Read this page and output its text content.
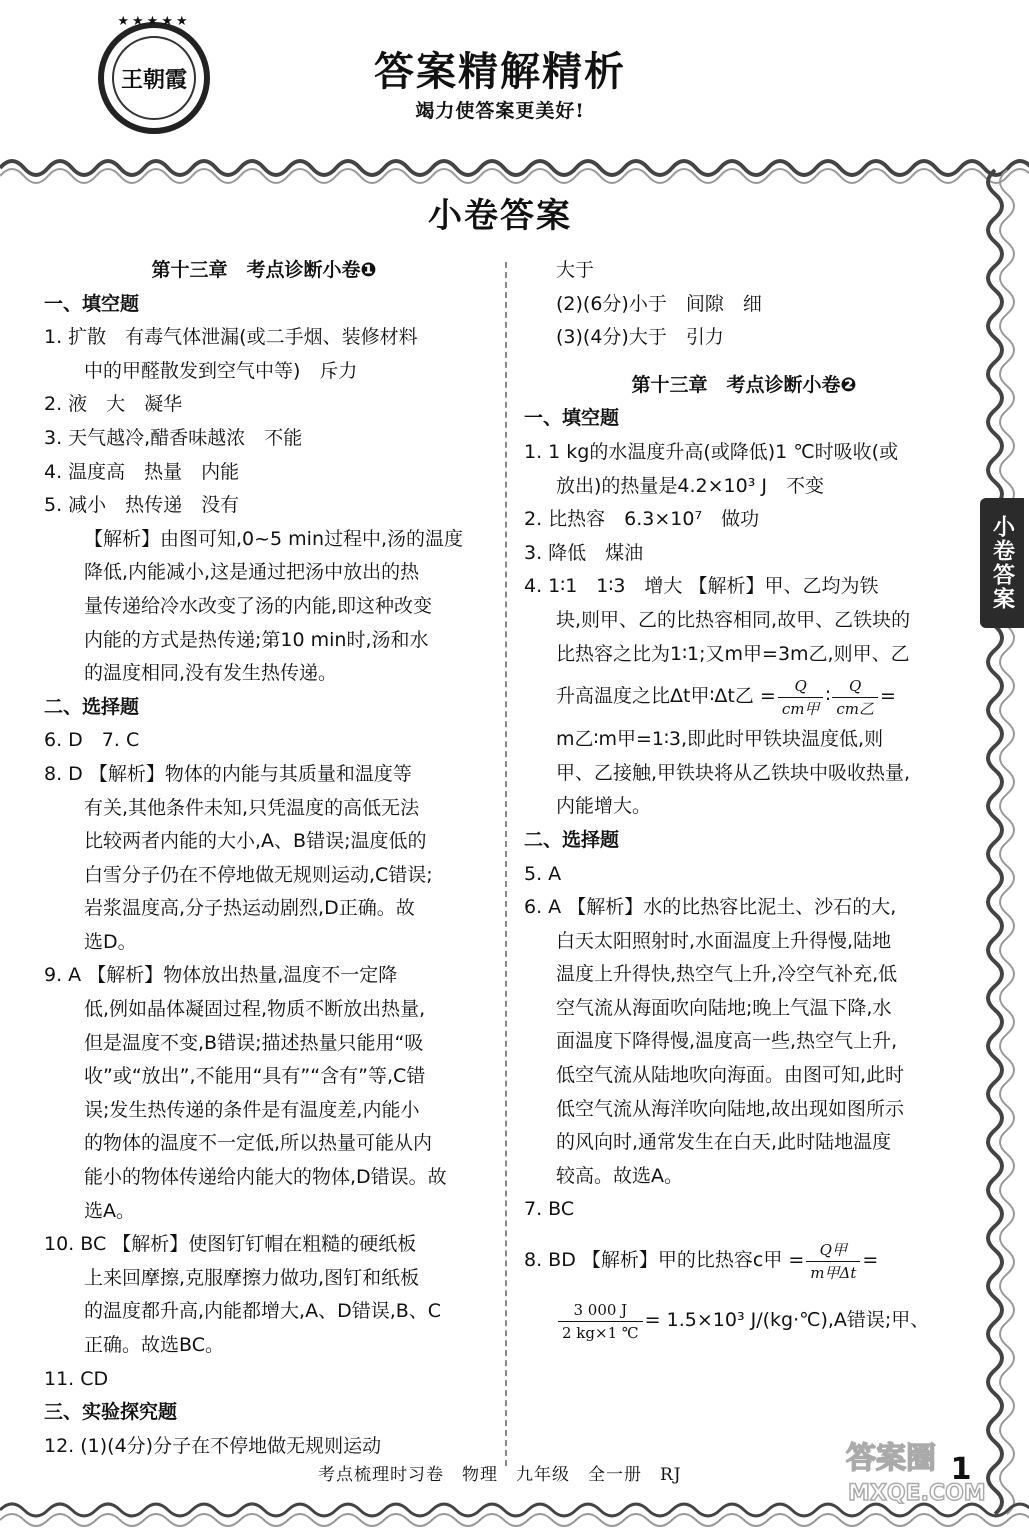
★★★★★
王朝霞	答案精解精析
竭力使答案更美好!
小卷答案
小卷答案
第十三章　考点诊断小卷❶
一、填空题
1. 扩散　有毒气体泄漏(或二手烟、装修材料
中的甲醛散发到空气中等)　斥力
2. 液　大　凝华
3. 天气越冷,醋香味越浓　不能
4. 温度高　热量　内能
5. 减小　热传递　没有
【解析】由图可知,0~5 min过程中,汤的温度
降低,内能减小,这是通过把汤中放出的热
量传递给冷水改变了汤的内能,即这种改变
内能的方式是热传递;第10 min时,汤和水
的温度相同,没有发生热传递。
二、选择题
6. D　7. C
8. D 【解析】物体的内能与其质量和温度等
有关,其他条件未知,只凭温度的高低无法
比较两者内能的大小,A、B错误;温度低的
白雪分子仍在不停地做无规则运动,C错误;
岩浆温度高,分子热运动剧烈,D正确。故
选D。
9. A 【解析】物体放出热量,温度不一定降
低,例如晶体凝固过程,物质不断放出热量,
但是温度不变,B错误;描述热量只能用“吸
收”或“放出”,不能用“具有”“含有”等,C错
误;发生热传递的条件是有温度差,内能小
的物体的温度不一定低,所以热量可能从内
能小的物体传递给内能大的物体,D错误。故
选A。
10. BC 【解析】使图钉钉帽在粗糙的硬纸板
上来回摩擦,克服摩擦力做功,图钉和纸板
的温度都升高,内能都增大,A、D错误,B、C
正确。故选BC。
11. CD
三、实验探究题
12. (1)(4分)分子在不停地做无规则运动
大于
(2)(6分)小于　间隙　细
(3)(4分)大于　引力
第十三章　考点诊断小卷❷
一、填空题
1. 1 kg的水温度升高(或降低)1 ℃时吸收(或
放出)的热量是4.2×10³ J　不变
2. 比热容　6.3×10⁷　做功
3. 降低　煤油
4. 1∶1　1∶3　增大 【解析】甲、乙均为铁
块,则甲、乙的比热容相同,故甲、乙铁块的
比热容之比为1∶1;又m甲=3m乙,则甲、乙
升高温度之比Δt甲∶Δt乙 = $\frac{Q}{\text{cm甲}}$ ∶ $\frac{Q}{\text{cm乙}}$ =
m乙∶m甲=1∶3,即此时甲铁块温度低,则
甲、乙接触,甲铁块将从乙铁块中吸收热量,
内能增大。
二、选择题
5. A
6. A 【解析】水的比热容比泥土、沙石的大,
白天太阳照射时,水面温度上升得慢,陆地
温度上升得快,热空气上升,冷空气补充,低
空气流从海面吹向陆地;晚上气温下降,水
面温度下降得慢,温度高一些,热空气上升,
低空气流从陆地吹向海面。由图可知,此时
低空气流从海洋吹向陆地,故出现如图所示
的风向时,通常发生在白天,此时陆地温度
较高。故选A。
7. BC
8. BD 【解析】甲的比热容c甲 = $\frac{\text{Q甲}}{\text{m甲Δt}}$ =
$\frac{3 000 J}{2 kg\times 1 ℃} = 1.5\times 10^3$ J/(kg·℃),A错误;甲、
考点梳理时习卷　物理　九年级　全一册　RJ	1
答案圈
MXQE.COM
